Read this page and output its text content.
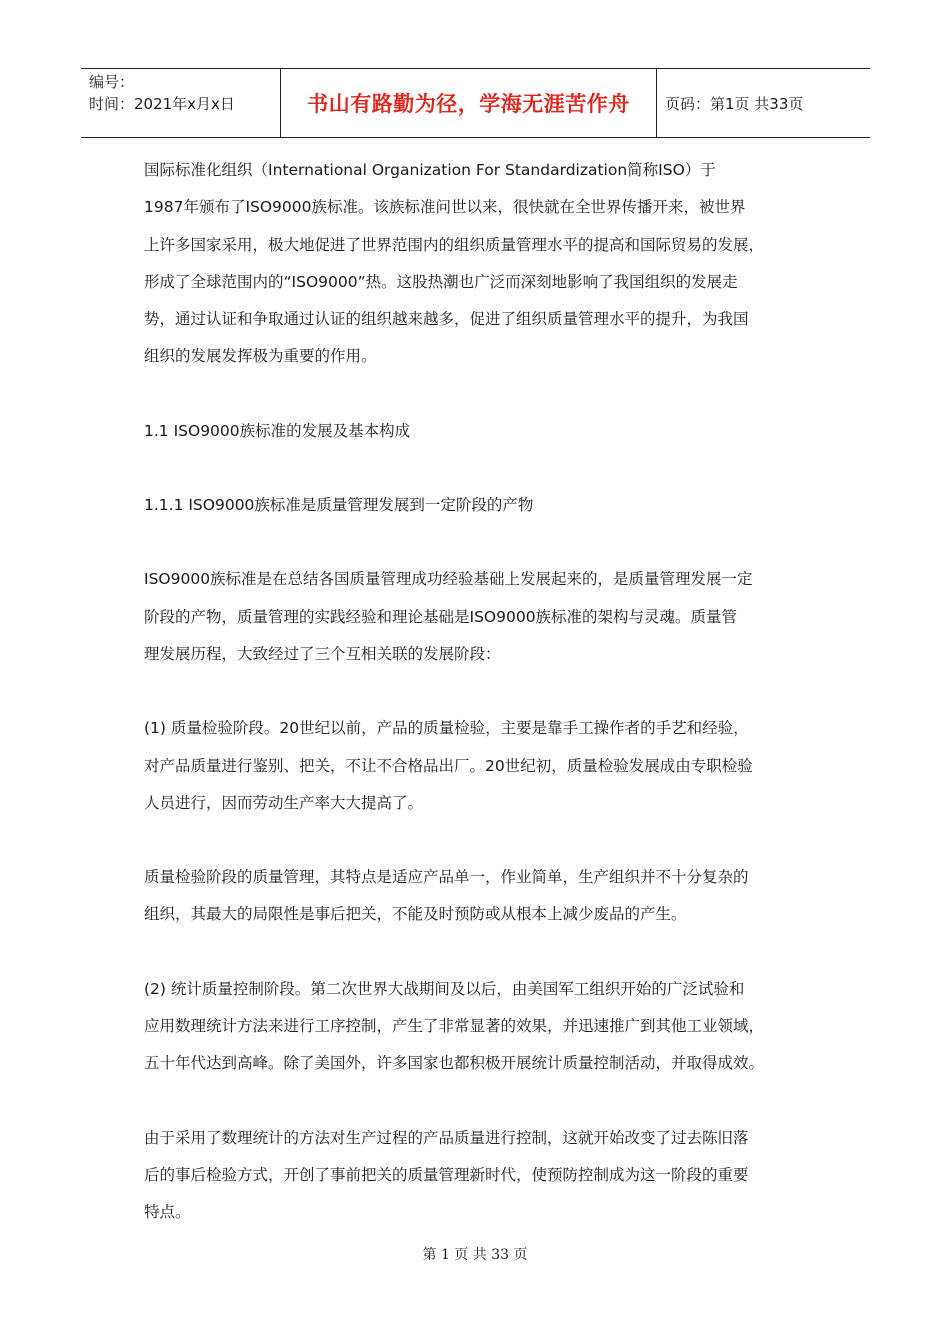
编号：
时间：2021年x月x日	书山有路勤为径，学海无涯苦作舟 页码：第1页 共33页

国际标准化组织（International Organization For Standardization简称ISO）于

1987年颁布了ISO9000族标准。该族标准问世以来，很快就在全世界传播开来，被世界

上许多国家采用，极大地促进了世界范围内的组织质量管理水平的提高和国际贸易的发展，

形成了全球范围内的“ISO9000”热。这股热潮也广泛而深刻地影响了我国组织的发展走

势，通过认证和争取通过认证的组织越来越多，促进了组织质量管理水平的提升，为我国

组织的发展发挥极为重要的作用。

1.1 ISO9000族标准的发展及基本构成

1.1.1 ISO9000族标准是质量管理发展到一定阶段的产物

ISO9000族标准是在总结各国质量管理成功经验基础上发展起来的，是质量管理发展一定

阶段的产物，质量管理的实践经验和理论基础是ISO9000族标准的架构与灵魂。质量管

理发展历程，大致经过了三个互相关联的发展阶段：

(1) 质量检验阶段。20世纪以前，产品的质量检验，主要是靠手工操作者的手艺和经验，

对产品质量进行鉴别、把关，不让不合格品出厂。20世纪初，质量检验发展成由专职检验

人员进行，因而劳动生产率大大提高了。

质量检验阶段的质量管理，其特点是适应产品单一，作业简单，生产组织并不十分复杂的

组织，其最大的局限性是事后把关，不能及时预防或从根本上减少废品的产生。

(2) 统计质量控制阶段。第二次世界大战期间及以后，由美国军工组织开始的广泛试验和

应用数理统计方法来进行工序控制，产生了非常显著的效果，并迅速推广到其他工业领域，

五十年代达到高峰。除了美国外，许多国家也都积极开展统计质量控制活动，并取得成效。

由于采用了数理统计的方法对生产过程的产品质量进行控制，这就开始改变了过去陈旧落

后的事后检验方式，开创了事前把关的质量管理新时代，使预防控制成为这一阶段的重要

特点。

第 1 页 共 33 页
